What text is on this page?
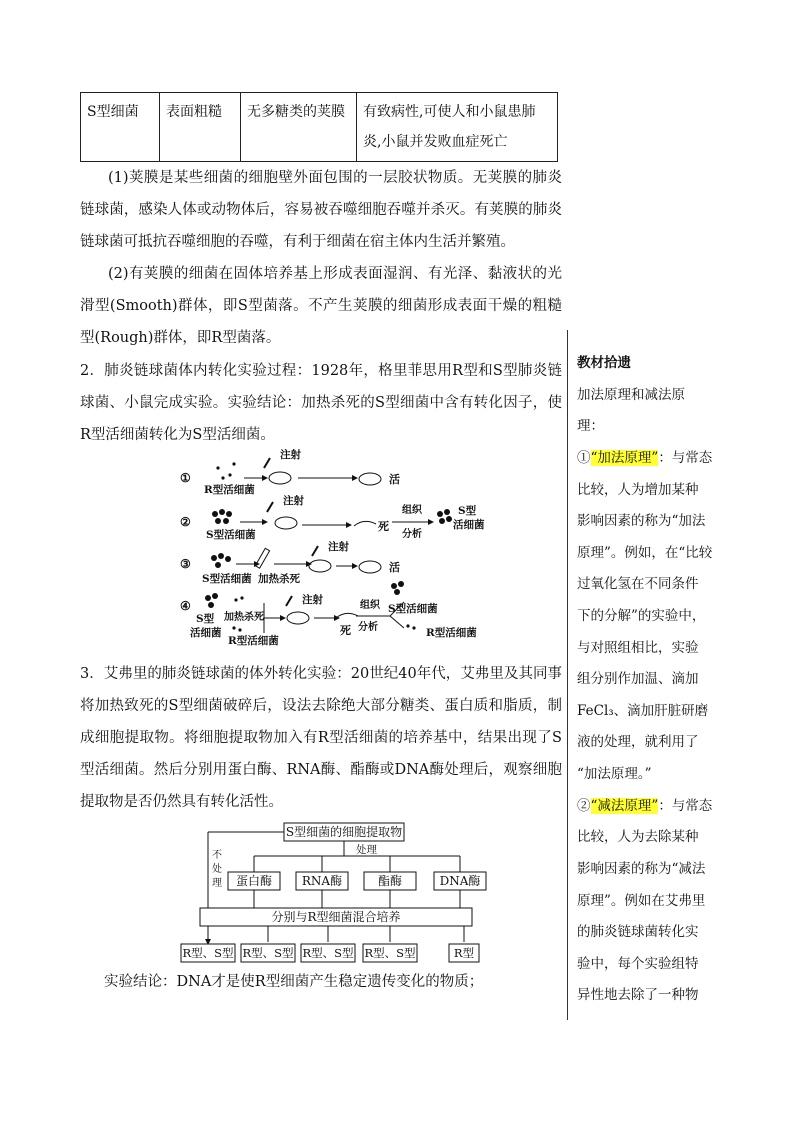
S型细菌	表面粗糙	无多糖类的荚膜	有致病性,可使人和小鼠患肺炎,小鼠并发败血症死亡
(1)荚膜是某些细菌的细胞壁外面包围的一层胶状物质。无荚膜的肺炎链球菌，感染人体或动物体后，容易被吞噬细胞吞噬并杀灭。有荚膜的肺炎链球菌可抵抗吞噬细胞的吞噬，有利于细菌在宿主体内生活并繁殖。
(2)有荚膜的细菌在固体培养基上形成表面湿润、有光泽、黏液状的光滑型(Smooth)群体，即S型菌落。不产生荚膜的细菌形成表面干燥的粗糙型(Rough)群体，即R型菌落。
2．肺炎链球菌体内转化实验过程：1928年，格里菲思用R型和S型肺炎链球菌、小鼠完成实验。实验结论：加热杀死的S型细菌中含有转化因子，使R型活细菌转化为S型活细菌。
①
R型活细菌
注射
活
②
S型活细菌
注射
死
组织
分析
S型
活细菌
③
S型活细菌 加热杀死
注射
活
④
S型
活细菌
加热杀死
R型活细菌
注射
死
组织
分析
S型活细菌
R型活细菌
3．艾弗里的肺炎链球菌的体外转化实验：20世纪40年代，艾弗里及其同事将加热致死的S型细菌破碎后，设法去除绝大部分糖类、蛋白质和脂质，制成细胞提取物。将细胞提取物加入有R型活细菌的培养基中，结果出现了S型活细菌。然后分别用蛋白酶、RNA酶、酯酶或DNA酶处理后，观察细胞提取物是否仍然具有转化活性。
S型细菌的细胞提取物
处理
不
处
理 蛋白酶 RNA酶	酯酶	DNA酶
分别与R型细菌混合培养
R型、S型 R型、S型 R型、S型 R型、S型	R型
实验结论：DNA才是使R型细菌产生稳定遗传变化的物质；
教材拾遗
加法原理和减法原
理：
①“加法原理”：与常态
比较，人为增加某种
影响因素的称为“加法
原理”。例如，在“比较
过氧化氢在不同条件
下的分解”的实验中，
与对照组相比，实验
组分别作加温、滴加
FeCl₃、滴加肝脏研磨
液的处理，就利用了
“加法原理。”
②“减法原理”：与常态
比较，人为去除某种
影响因素的称为“减法
原理”。例如在艾弗里
的肺炎链球菌转化实
验中，每个实验组特
异性地去除了一种物
